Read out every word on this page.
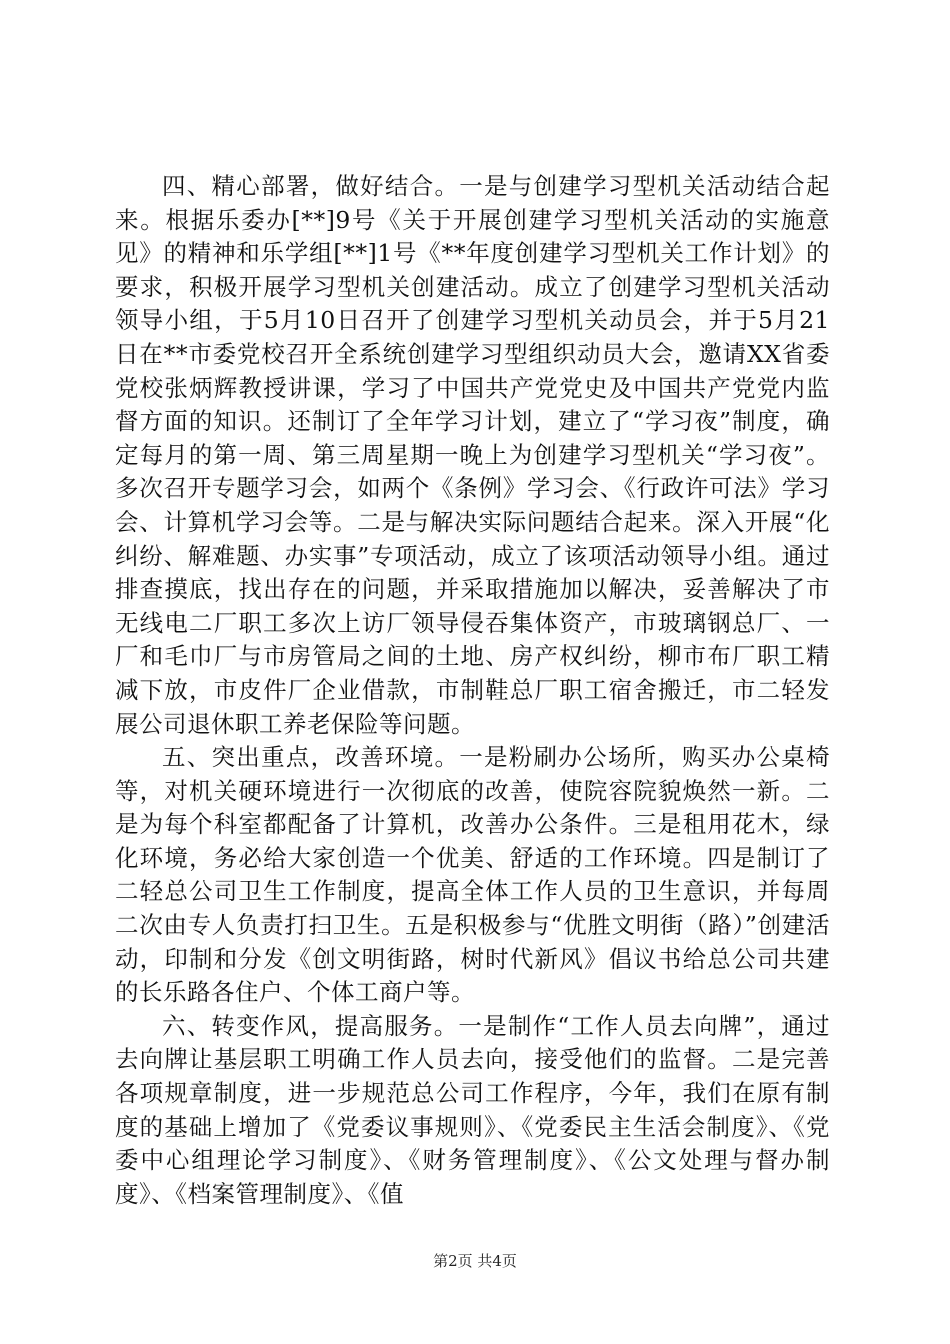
四、精心部署，做好结合。一是与创建学习型机关活动结合起来。根据乐委办[**]9号《关于开展创建学习型机关活动的实施意见》的精神和乐学组[**]1号《**年度创建学习型机关工作计划》的要求，积极开展学习型机关创建活动。成立了创建学习型机关活动领导小组，于5月10日召开了创建学习型机关动员会，并于5月21日在**市委党校召开全系统创建学习型组织动员大会，邀请XX省委党校张炳辉教授讲课，学习了中国共产党党史及中国共产党党内监督方面的知识。还制订了全年学习计划，建立了“学习夜”制度，确定每月的第一周、第三周星期一晚上为创建学习型机关“学习夜”。多次召开专题学习会，如两个《条例》学习会、《行政许可法》学习会、计算机学习会等。二是与解决实际问题结合起来。深入开展“化纠纷、解难题、办实事”专项活动，成立了该项活动领导小组。通过排查摸底，找出存在的问题，并采取措施加以解决，妥善解决了市无线电二厂职工多次上访厂领导侵吞集体资产，市玻璃钢总厂、一厂和毛巾厂与市房管局之间的土地、房产权纠纷，柳市布厂职工精减下放，市皮件厂企业借款，市制鞋总厂职工宿舍搬迁，市二轻发展公司退休职工养老保险等问题。

五、突出重点，改善环境。一是粉刷办公场所，购买办公桌椅等，对机关硬环境进行一次彻底的改善，使院容院貌焕然一新。二是为每个科室都配备了计算机，改善办公条件。三是租用花木，绿化环境，务必给大家创造一个优美、舒适的工作环境。四是制订了二轻总公司卫生工作制度，提高全体工作人员的卫生意识，并每周二次由专人负责打扫卫生。五是积极参与“优胜文明街（路）”创建活动，印制和分发《创文明街路，树时代新风》倡议书给总公司共建的长乐路各住户、个体工商户等。

六、转变作风，提高服务。一是制作“工作人员去向牌”，通过去向牌让基层职工明确工作人员去向，接受他们的监督。二是完善各项规章制度，进一步规范总公司工作程序，今年，我们在原有制度的基础上增加了《党委议事规则》、《党委民主生活会制度》、《党委中心组理论学习制度》、《财务管理制度》、《公文处理与督办制度》、《档案管理制度》、《值

第2页 共4页
